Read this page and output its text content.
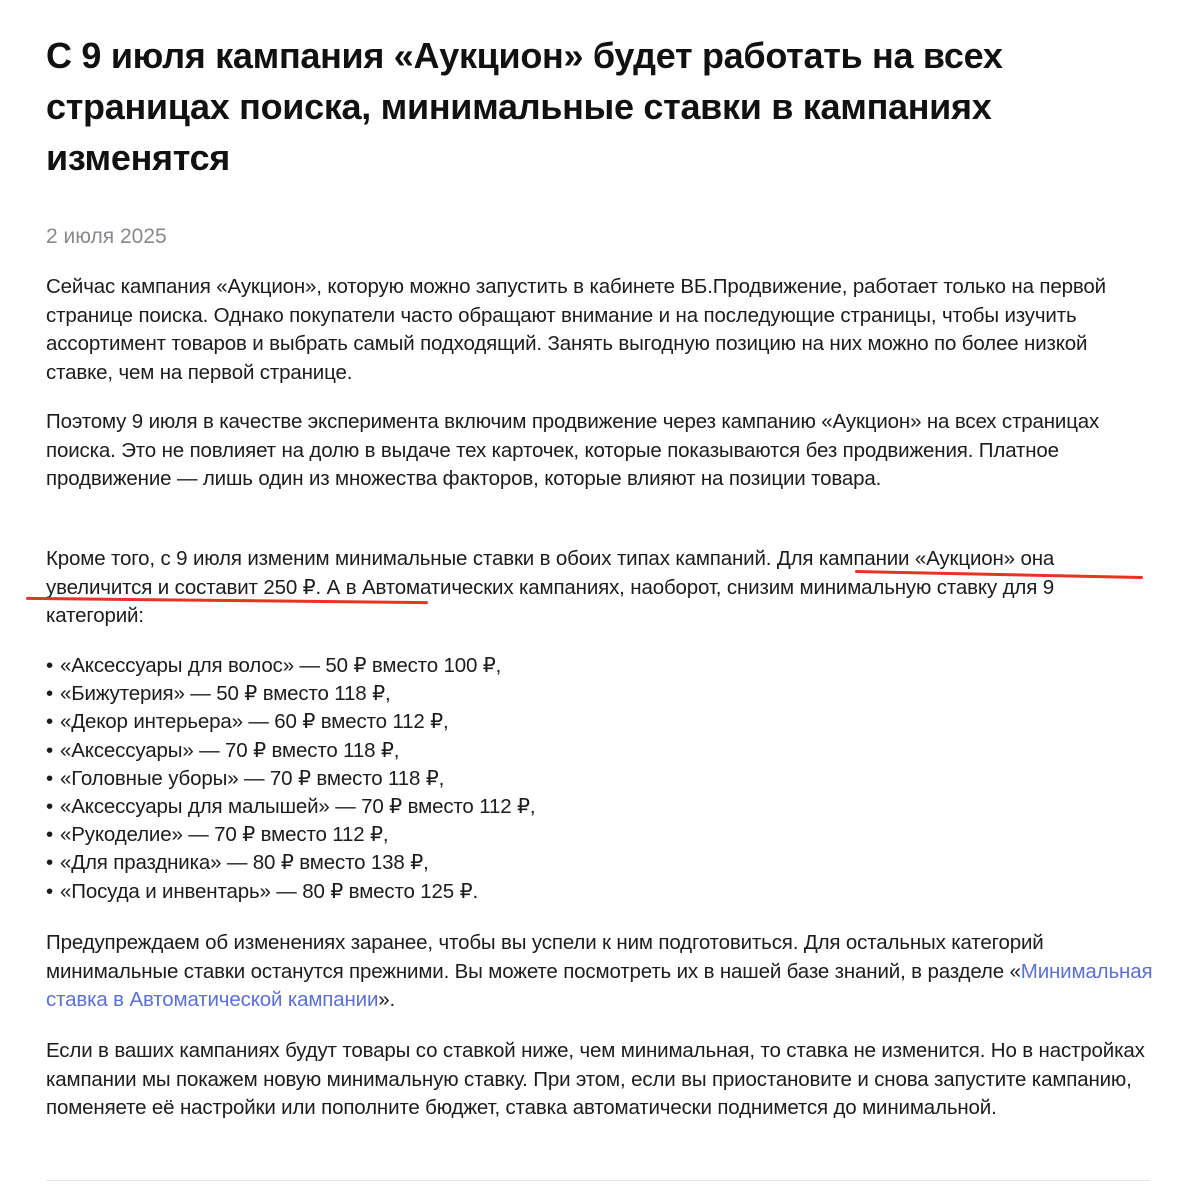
С 9 июля кампания «Аукцион» будет работать на всех страницах поиска, минимальные ставки в кампаниях изменятся
2 июля 2025

Сейчас кампания «Аукцион», которую можно запустить в кабинете ВБ.Продвижение, работает только на первой странице поиска. Однако покупатели часто обращают внимание и на последующие страницы, чтобы изучить ассортимент товаров и выбрать самый подходящий. Занять выгодную позицию на них можно по более низкой ставке, чем на первой странице.

Поэтому 9 июля в качестве эксперимента включим продвижение через кампанию «Аукцион» на всех страницах поиска. Это не повлияет на долю в выдаче тех карточек, которые показываются без продвижения. Платное продвижение — лишь один из множества факторов, которые влияют на позиции товара.

Кроме того, с 9 июля изменим минимальные ставки в обоих типах кампаний. Для кампании «Аукцион» она увеличится и составит 250 ₽. А в Автоматических кампаниях, наоборот, снизим минимальную ставку для 9 категорий:

• «Аксессуары для волос» — 50 ₽ вместо 100 ₽,
• «Бижутерия» — 50 ₽ вместо 118 ₽,
• «Декор интерьера» — 60 ₽ вместо 112 ₽,
• «Аксессуары» — 70 ₽ вместо 118 ₽,
• «Головные уборы» — 70 ₽ вместо 118 ₽,
• «Аксессуары для малышей» — 70 ₽ вместо 112 ₽,
• «Рукоделие» — 70 ₽ вместо 112 ₽,
• «Для праздника» — 80 ₽ вместо 138 ₽,
• «Посуда и инвентарь» — 80 ₽ вместо 125 ₽.

Предупреждаем об изменениях заранее, чтобы вы успели к ним подготовиться. Для остальных категорий минимальные ставки останутся прежними. Вы можете посмотреть их в нашей базе знаний, в разделе «Минимальная ставка в Автоматической кампании».

Если в ваших кампаниях будут товары со ставкой ниже, чем минимальная, то ставка не изменится. Но в настройках кампании мы покажем новую минимальную ставку. При этом, если вы приостановите и снова запустите кампанию, поменяете её настройки или пополните бюджет, ставка автоматически поднимется до минимальной.
